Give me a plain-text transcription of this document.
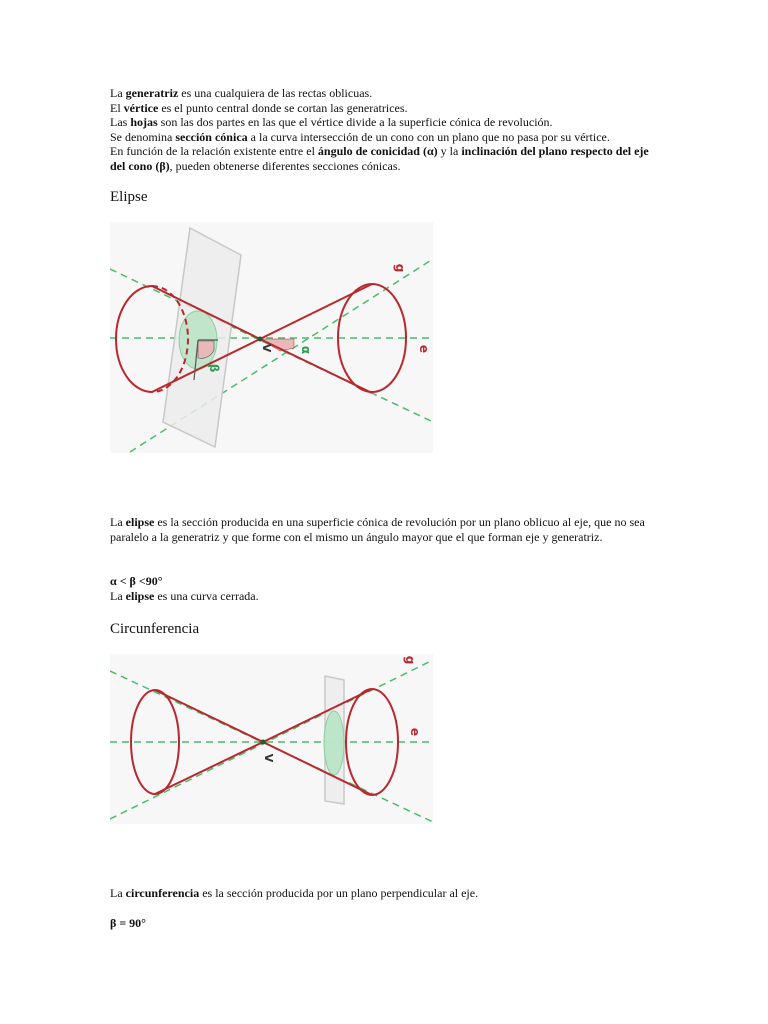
La generatriz es una cualquiera de las rectas oblicuas.
El vértice es el punto central donde se cortan las generatrices.
Las hojas son las dos partes en las que el vértice divide a la superficie cónica de revolución.
Se denomina sección cónica a la curva intersección de un cono con un plano que no pasa por su vértice.
En función de la relación existente entre el ángulo de conicidad (α) y la inclinación del plano respecto del eje del cono (β), pueden obtenerse diferentes secciones cónicas.

Elipse
g
e
V α
β

La elipse es la sección producida en una superficie cónica de revolución por un plano oblicuo al eje, que no sea paralelo a la generatriz y que forme con el mismo un ángulo mayor que el que forman eje y generatriz.

α < β <90°
La elipse es una curva cerrada.

Circunferencia
g
e
V

La circunferencia es la sección producida por un plano perpendicular al eje.

β = 90°
